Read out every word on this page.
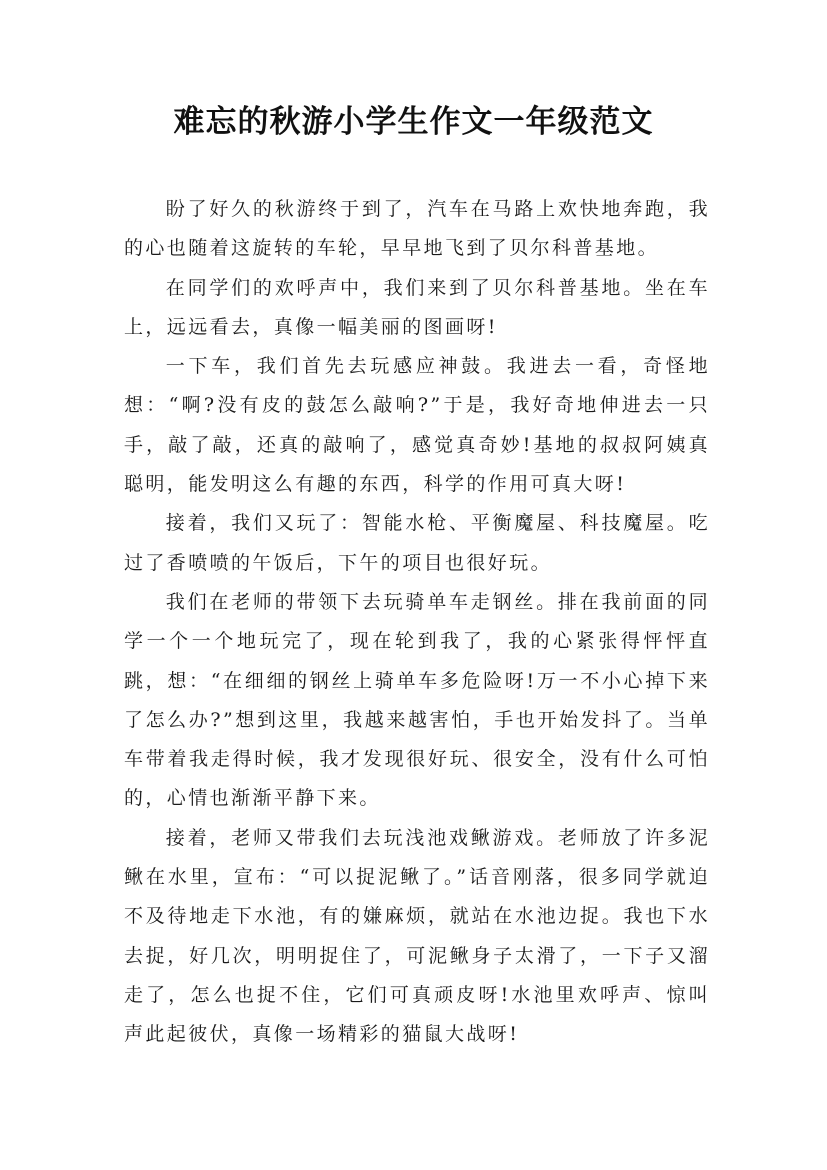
难忘的秋游小学生作文一年级范文

盼了好久的秋游终于到了，汽车在马路上欢快地奔跑，我的心也随着这旋转的车轮，早早地飞到了贝尔科普基地。

在同学们的欢呼声中，我们来到了贝尔科普基地。坐在车上，远远看去，真像一幅美丽的图画呀!

一下车，我们首先去玩感应神鼓。我进去一看，奇怪地想：“啊?没有皮的鼓怎么敲响?”于是，我好奇地伸进去一只手，敲了敲，还真的敲响了，感觉真奇妙!基地的叔叔阿姨真聪明，能发明这么有趣的东西，科学的作用可真大呀!

接着，我们又玩了：智能水枪、平衡魔屋、科技魔屋。吃过了香喷喷的午饭后，下午的项目也很好玩。

我们在老师的带领下去玩骑单车走钢丝。排在我前面的同学一个一个地玩完了，现在轮到我了，我的心紧张得怦怦直跳，想：“在细细的钢丝上骑单车多危险呀!万一不小心掉下来了怎么办?”想到这里，我越来越害怕，手也开始发抖了。当单车带着我走得时候，我才发现很好玩、很安全，没有什么可怕的，心情也渐渐平静下来。

接着，老师又带我们去玩浅池戏鳅游戏。老师放了许多泥鳅在水里，宣布：“可以捉泥鳅了。”话音刚落，很多同学就迫不及待地走下水池，有的嫌麻烦，就站在水池边捉。我也下水去捉，好几次，明明捉住了，可泥鳅身子太滑了，一下子又溜走了，怎么也捉不住，它们可真顽皮呀!水池里欢呼声、惊叫声此起彼伏，真像一场精彩的猫鼠大战呀!
